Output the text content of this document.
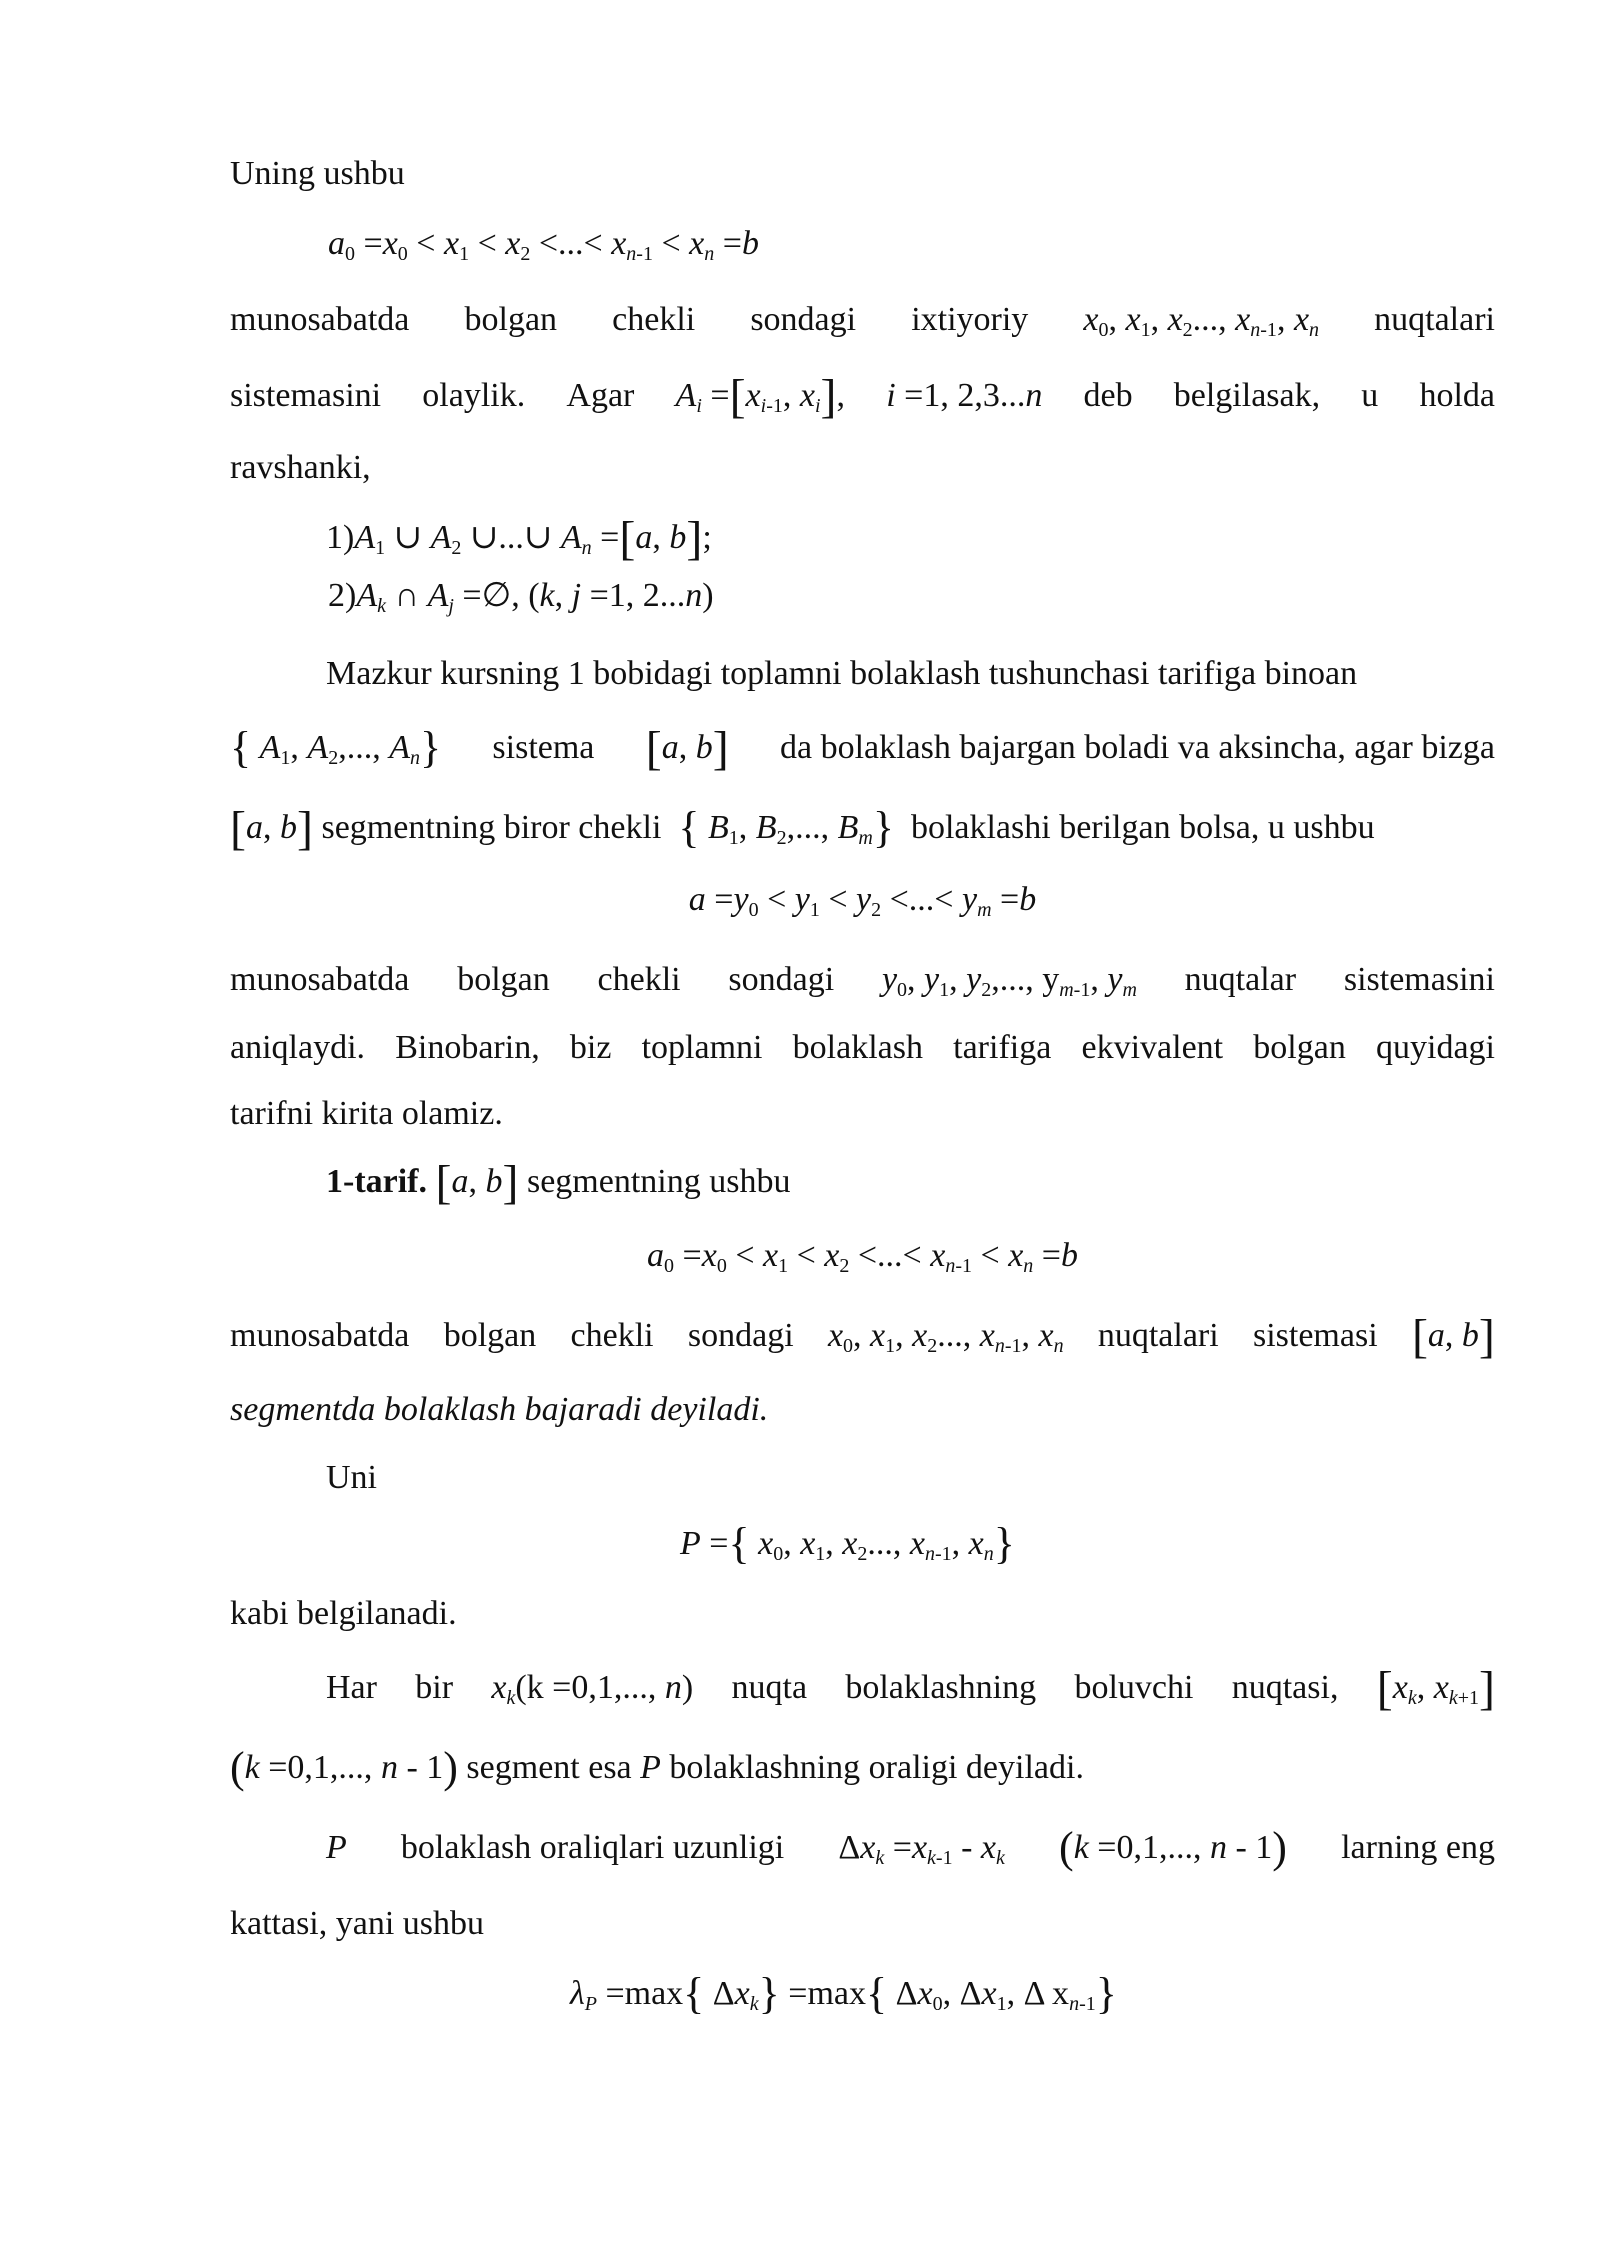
Uning ushbu
$a_0 =x_0 < x_1 < x_2$ <...< $x_{n-1} < x_n =b$
munosabatda bolgan chekli sondagi ixtiyoriy $x_0$, $x_1$, $x_2$..., $x_{n-1}$, $x_n$ nuqtalari
sistemasini olaylik. Agar $A_i =[x_{i-1}$, $x_i$], i =1, 2,3...n deb belgilasak, u holda
ravshanki,
$1)A_1$ ∪ $A_2$ ∪...∪ $A_n =[a$, b];
$2)A_k$ ∩ $A_j$ =∅, (k, j =1, 2...n)
Mazkur kursning 1 bobidagi toplamni bolaklash tushunchasi tarifiga binoan
{ $A_1$, $A_2$,..., $A_n$} sistema [a, b] da bolaklash bajargan boladi va aksincha, agar bizga
[a, b] segmentning biror chekli { $B_1$, $B_2$,..., $B_m$} bolaklashi berilgan bolsa, u ushbu
$a =y_0 < y_1 < y_2$ <...< $y_m =b$
munosabatda bolgan chekli sondagi $y_0$, $y_1$, $y_2$,..., $y_{m-1}$, $y_m$ nuqtalar sistemasini
aniqlaydi. Binobarin, biz toplamni bolaklash tarifiga ekvivalent bolgan quyidagi
tarifni kirita olamiz.
1-tarif. [a, b] segmentning ushbu
$a_0 =x_0 < x_1 < x_2$ <...< $x_{n-1} < x_n =b$
munosabatda bolgan chekli sondagi $x_0$, $x_1$, $x_2$..., $x_{n-1}$, $x_n$ nuqtalari sistemasi [a, b]
segmentda bolaklash bajaradi deyiladi.
Uni
P ={ $x_0$, $x_1$, $x_2$..., $x_{n-1}$, $x_n$}
kabi belgilanadi.
Har bir $x_k(k =0,1$,..., n) nuqta bolaklashning boluvchi nuqtasi, [$x_k$, $x_{k+1}$]
(k =0,1,..., n - 1) segment esa P bolaklashning oraligi deyiladi.
P bolaklash oraliqlari uzunligi $\Delta x_k =x_{k-1} - x_k$ (k =0,1,..., n - 1) larning eng
kattasi, yani ushbu
$\lambda_P =\max${ $\Delta x_k\} =\max${ $\Delta x_0$, $\Delta x_1$, Δ $x_{n-1}$}
